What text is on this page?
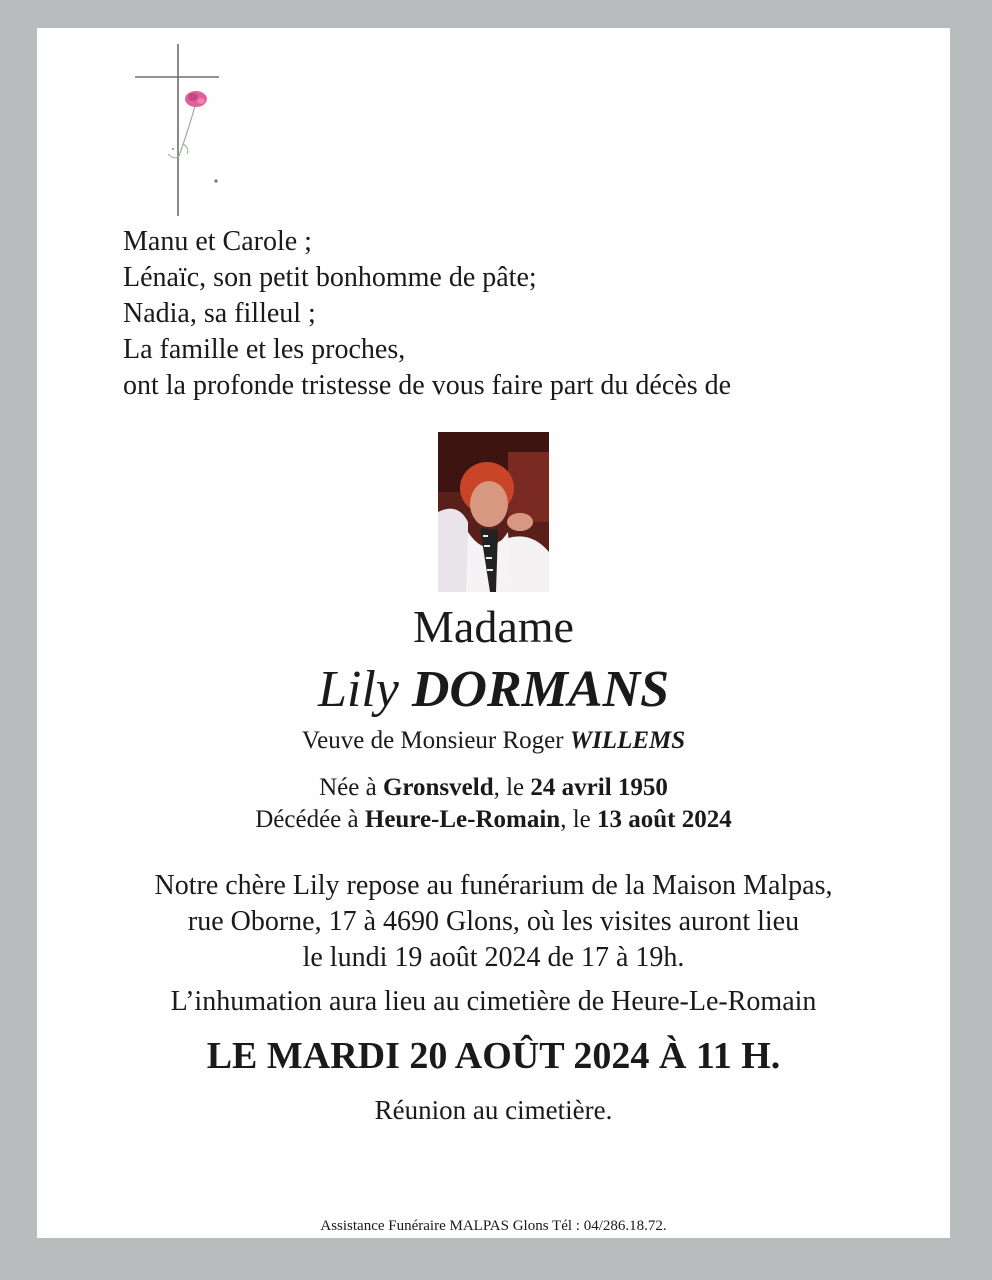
Manu et Carole ;
Lénaïc, son petit bonhomme de pâte;
Nadia, sa filleul ;
La famille et les proches,
ont la profonde tristesse de vous faire part du décès de
Madame
Lily DORMANS
Veuve de Monsieur Roger WILLEMS
Née à Gronsveld, le 24 avril 1950
Décédée à Heure-Le-Romain, le 13 août 2024
Notre chère Lily repose au funérarium de la Maison Malpas,
rue Oborne, 17 à 4690 Glons, où les visites auront lieu
le lundi 19 août 2024 de 17 à 19h.
L’inhumation aura lieu au cimetière de Heure-Le-Romain
LE MARDI 20 AOÛT 2024 À 11 H.
Réunion au cimetière.
Assistance Funéraire MALPAS Glons Tél : 04/286.18.72.
